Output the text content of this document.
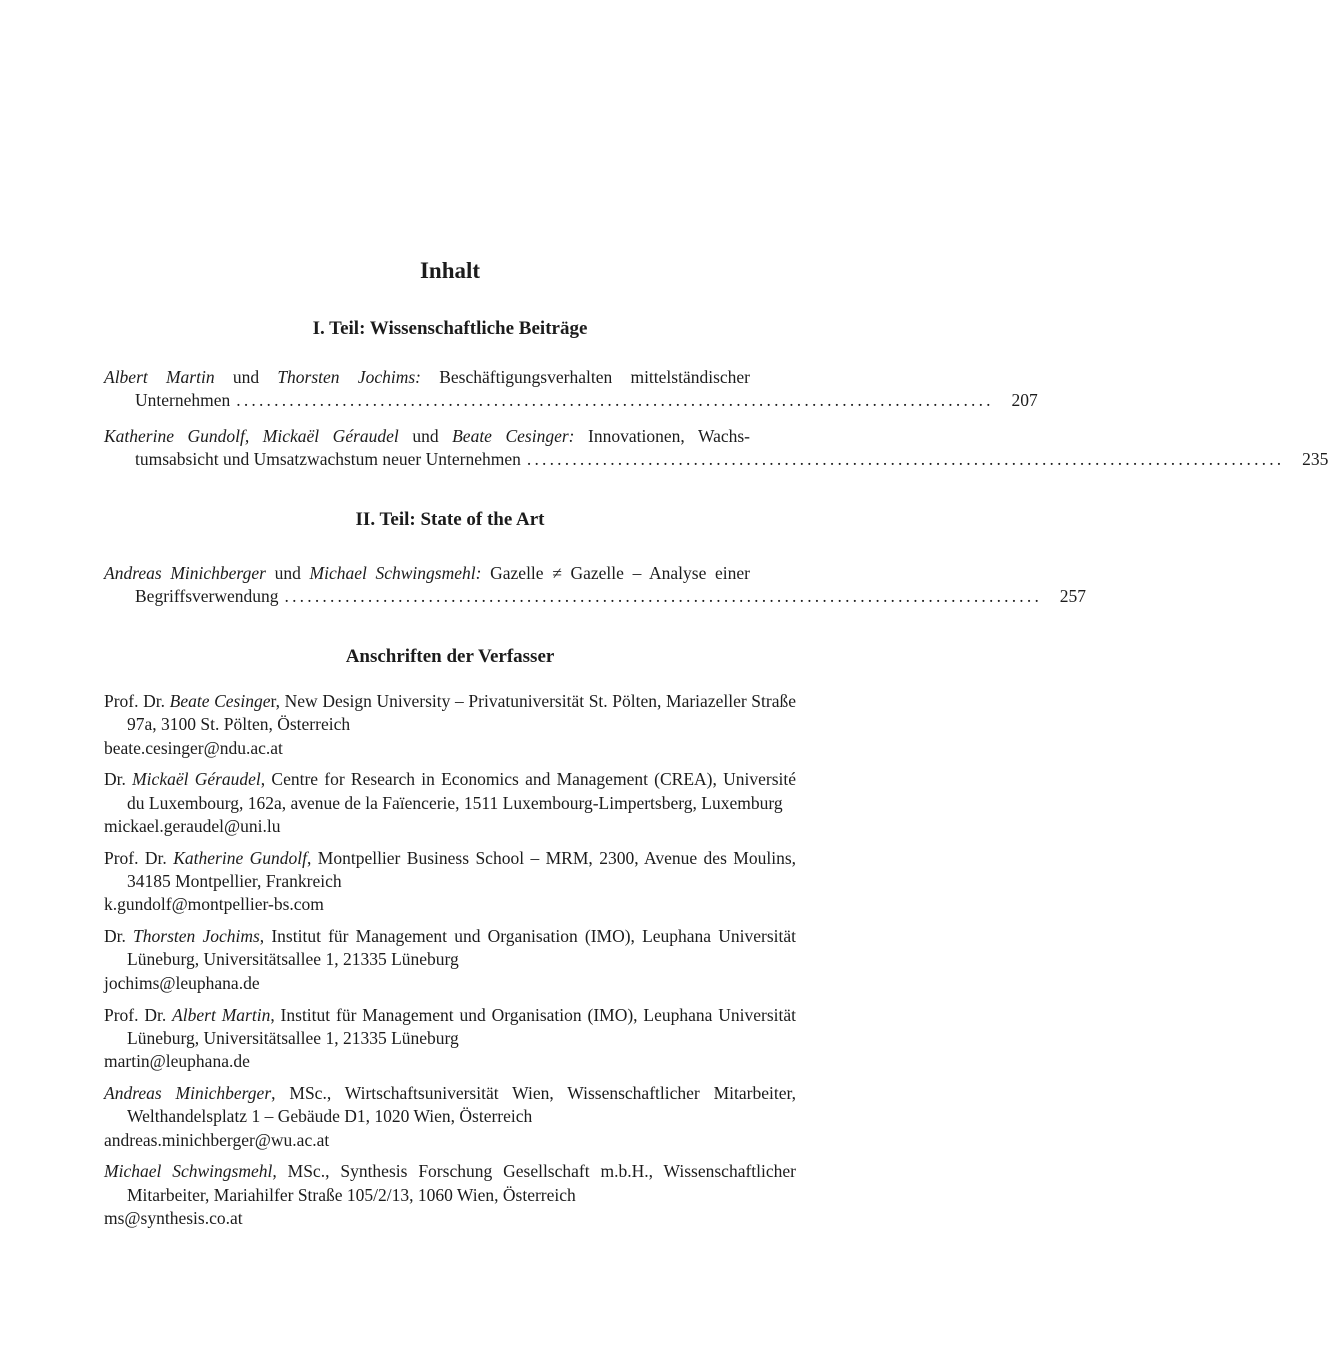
Inhalt
I. Teil: Wissenschaftliche Beiträge
Albert Martin und Thorsten Jochims: Beschäftigungsverhalten mittelständischer
Unternehmen ....................................................................................................	207
Katherine Gundolf, Mickaël Géraudel und Beate Cesinger: Innovationen, Wachs-
tumsabsicht und Umsatzwachstum neuer Unternehmen ....................................................................................................	235
II. Teil: State of the Art
Andreas Minichberger und Michael Schwingsmehl: Gazelle ≠ Gazelle – Analyse einer
Begriffsverwendung ....................................................................................................	257
Anschriften der Verfasser
Prof. Dr. Beate Cesinger, New Design University – Privatuniversität St. Pölten, Mariazeller Straße 97a, 3100 St. Pölten, Österreich
beate.cesinger@ndu.ac.at
Dr. Mickaël Géraudel, Centre for Research in Economics and Management (CREA), Université du Luxembourg, 162a, avenue de la Faïencerie, 1511 Luxembourg-Limpertsberg, Luxemburg
mickael.geraudel@uni.lu
Prof. Dr. Katherine Gundolf, Montpellier Business School – MRM, 2300, Avenue des Moulins, 34185 Montpellier, Frankreich
k.gundolf@montpellier-bs.com
Dr. Thorsten Jochims, Institut für Management und Organisation (IMO), Leuphana Universität Lüneburg, Universitätsallee 1, 21335 Lüneburg
jochims@leuphana.de
Prof. Dr. Albert Martin, Institut für Management und Organisation (IMO), Leuphana Universität Lüneburg, Universitätsallee 1, 21335 Lüneburg
martin@leuphana.de
Andreas Minichberger, MSc., Wirtschaftsuniversität Wien, Wissenschaftlicher Mitarbeiter, Welthandelsplatz 1 – Gebäude D1, 1020 Wien, Österreich
andreas.minichberger@wu.ac.at
Michael Schwingsmehl, MSc., Synthesis Forschung Gesellschaft m.b.H., Wissenschaftlicher Mitarbeiter, Mariahilfer Straße 105/2/13, 1060 Wien, Österreich
ms@synthesis.co.at
